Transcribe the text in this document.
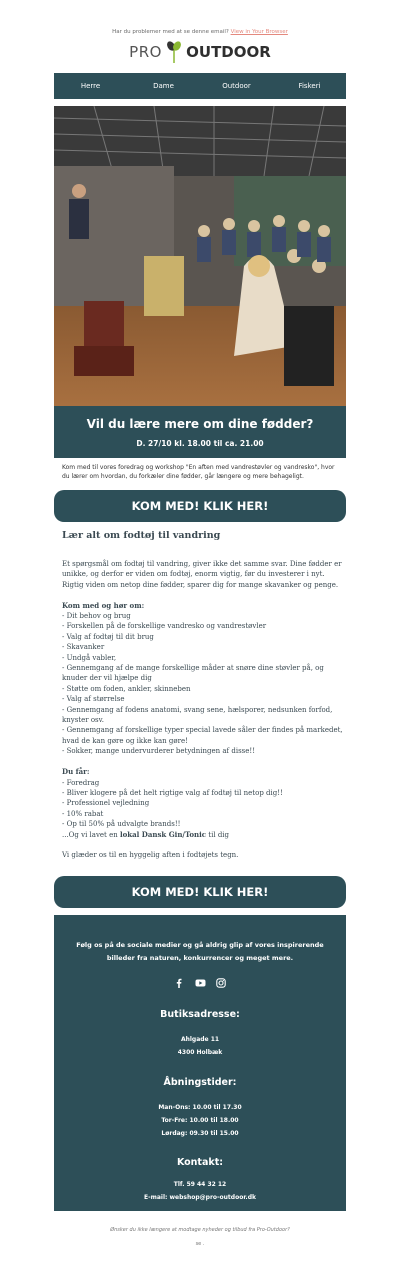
Har du problemer med at se denne email? View in Your Browser
PRO OUTDOOR
Herre	Dame	Outdoor	Fiskeri
Vil du lære mere om dine fødder?
D. 27/10 kl. 18.00 til ca. 21.00
Kom med til vores foredrag og workshop "En aften med vandrestøvler og vandresko", hvor du lærer om hvordan, du forkæler dine fødder, går længere og mere behageligt.
KOM MED! KLIK HER!
Lær alt om fodtøj til vandring

Et spørgsmål om fodtøj til vandring, giver ikke det samme svar. Dine fødder er unikke, og derfor er viden om fodtøj, enorm vigtig, før du investerer i nyt. Rigtig viden om netop dine fødder, sparer dig for mange skavanker og penge.

Kom med og hør om:
- Dit behov og brug
- Forskellen på de forskellige vandresko og vandrestøvler
- Valg af fodtøj til dit brug
- Skavanker
- Undgå vabler,
- Gennemgang af de mange forskellige måder at snøre dine støvler på, og knuder der vil hjælpe dig
- Støtte om foden, ankler, skinneben
- Valg af størrelse
- Gennemgang af fodens anatomi, svang sene, hælsporer, nedsunken forfod, knyster osv.
- Gennemgang af forskellige typer special lavede såler der findes på markedet, hvad de kan gøre og ikke kan gøre!
- Sokker, mange undervurderer betydningen af disse!!
Du får:
- Foredrag
- Bliver klogere på det helt rigtige valg af fodtøj til netop dig!!
- Professionel vejledning
- 10% rabat
- Op til 50% på udvalgte brands!!
...Og vi lavet en lokal Dansk Gin/Tonic til dig

Vi glæder os til en hyggelig aften i fodtøjets tegn.

KOM MED! KLIK HER!
Følg os på de sociale medier og gå aldrig glip af vores inspirerende billeder fra naturen, konkurrencer og meget mere.
Butiksadresse:
Ahlgade 11
4300 Holbæk
Åbningstider:
Man-Ons: 10.00 til 17.30
Tor-Fre: 10.00 til 18.00
Lørdag: 09.30 til 15.00
Kontakt:
Tlf. 59 44 32 12
E-mail: webshop@pro-outdoor.dk
Ønsker du ikke længere at modtage nyheder og tilbud fra Pro-Outdoor?
se .
